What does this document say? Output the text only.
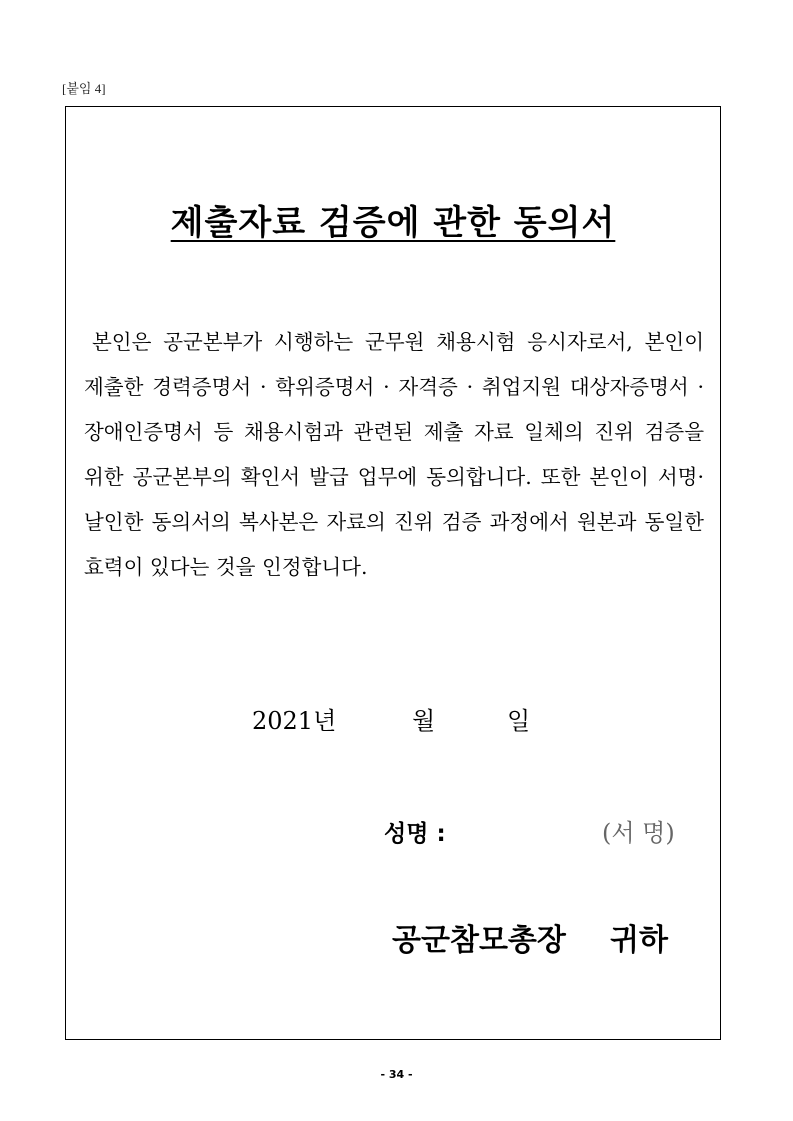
[붙임 4]
제출자료 검증에 관한 동의서

본인은 공군본부가 시행하는 군무원 채용시험 응시자로서, 본인이 제출한 경력증명서 · 학위증명서 · 자격증 · 취업지원 대상자증명서 · 장애인증명서 등 채용시험과 관련된 제출 자료 일체의 진위 검증을 위한 공군본부의 확인서 발급 업무에 동의합니다. 또한 본인이 서명·날인한 동의서의 복사본은 자료의 진위 검증 과정에서 원본과 동일한 효력이 있다는 것을 인정합니다.

2021년	월	일
성명 :	(서 명)
공군참모총장	귀하
- 34 -
